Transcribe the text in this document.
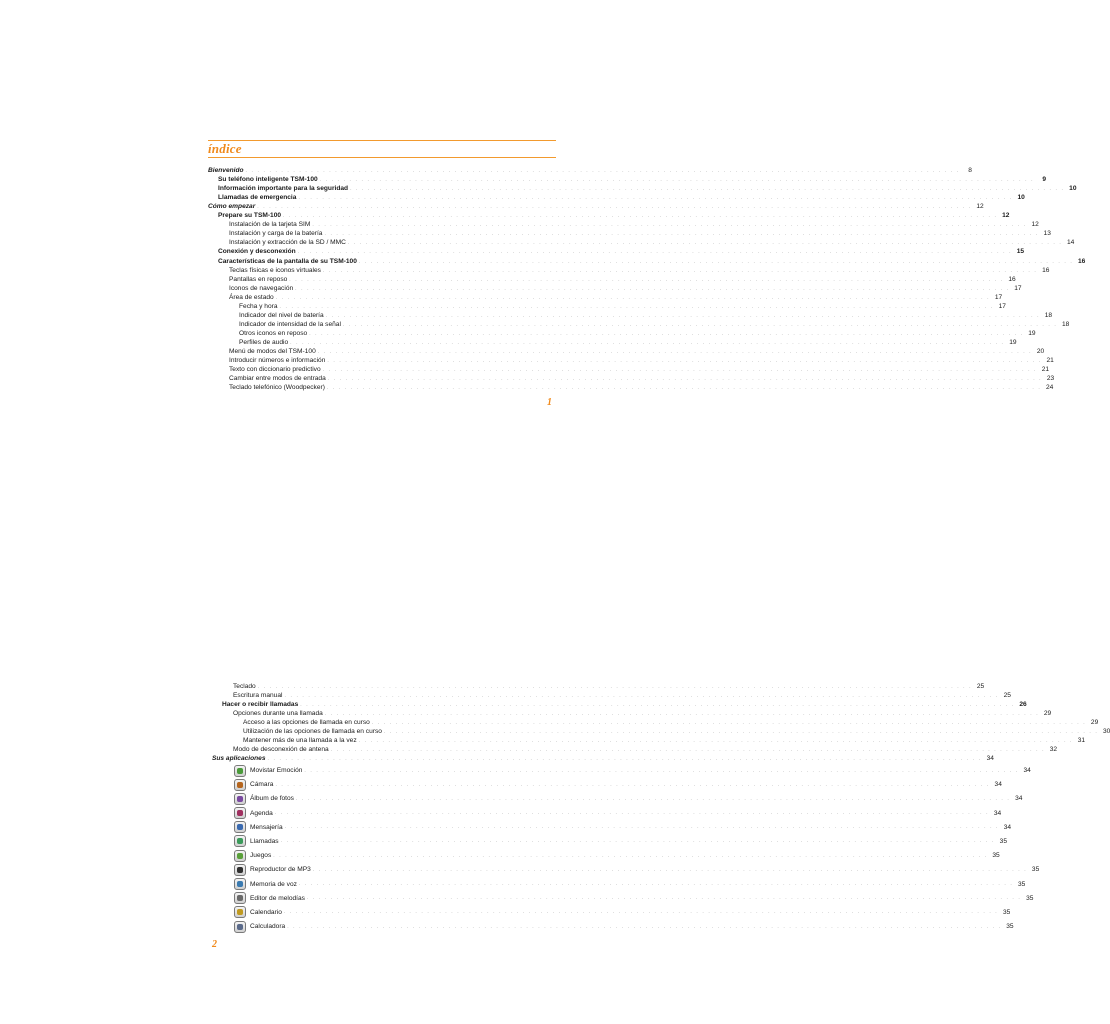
índice
Bienvenido . . . . . . . . . . . . . . . . . . . . . . . . . . . . . . . . . . . . . . . . . . . . . . . . . . . . . . . . . . . . . . . . . . . . . . . . . . . . . . . . . . . . . . . . . . . . . . . . . . . . . . . . . . . . . . . . . . . . . . . .	8
Su teléfono inteligente TSM-100 . . . . . . . . . . . . . . . . . . . . . . . . . . . . . . . . . . . . . . . . . . . . . . . . . . . . . . . . . . . . . . . . . . . . . . . . . . . . . . . . . . . . . . . . . . . . . . . . . . . . . . . . . . . . . . . . . . . . . . . .	9
Información importante para la seguridad . . . . . . . . . . . . . . . . . . . . . . . . . . . . . . . . . . . . . . . . . . . . . . . . . . . . . . . . . . . . . . . . . . . . . . . . . . . . . . . . . . . . . . . . . . . . . . . . . . . . . . . . . . . . . . . . . . . . . . . . 10
Llamadas de emergencia . . . . . . . . . . . . . . . . . . . . . . . . . . . . . . . . . . . . . . . . . . . . . . . . . . . . . . . . . . . . . . . . . . . . . . . . . . . . . . . . . . . . . . . . . . . . . . . . . . . . . . . . . . . . . . . . . . . . . . . . 10
Cómo empezar . . . . . . . . . . . . . . . . . . . . . . . . . . . . . . . . . . . . . . . . . . . . . . . . . . . . . . . . . . . . . . . . . . . . . . . . . . . . . . . . . . . . . . . . . . . . . . . . . . . . . . . . . . . . . . . . . . . . . . . . 12
Prepare su TSM-100 . . . . . . . . . . . . . . . . . . . . . . . . . . . . . . . . . . . . . . . . . . . . . . . . . . . . . . . . . . . . . . . . . . . . . . . . . . . . . . . . . . . . . . . . . . . . . . . . . . . . . . . . . . . . . . . . . . . . . . . . 12
Instalación de la tarjeta SIM . . . . . . . . . . . . . . . . . . . . . . . . . . . . . . . . . . . . . . . . . . . . . . . . . . . . . . . . . . . . . . . . . . . . . . . . . . . . . . . . . . . . . . . . . . . . . . . . . . . . . . . . . . . . . . . . . . . . . . . . 12
Instalación y carga de la batería . . . . . . . . . . . . . . . . . . . . . . . . . . . . . . . . . . . . . . . . . . . . . . . . . . . . . . . . . . . . . . . . . . . . . . . . . . . . . . . . . . . . . . . . . . . . . . . . . . . . . . . . . . . . . . . . . . . . . . . . 13
Instalación y extracción de la SD / MMC . . . . . . . . . . . . . . . . . . . . . . . . . . . . . . . . . . . . . . . . . . . . . . . . . . . . . . . . . . . . . . . . . . . . . . . . . . . . . . . . . . . . . . . . . . . . . . . . . . . . . . . . . . . . . . . . . . . . . . . . 14
Conexión y desconexión . . . . . . . . . . . . . . . . . . . . . . . . . . . . . . . . . . . . . . . . . . . . . . . . . . . . . . . . . . . . . . . . . . . . . . . . . . . . . . . . . . . . . . . . . . . . . . . . . . . . . . . . . . . . . . . . . . . . . . . . 15
Características de la pantalla de su TSM-100 . . . . . . . . . . . . . . . . . . . . . . . . . . . . . . . . . . . . . . . . . . . . . . . . . . . . . . . . . . . . . . . . . . . . . . . . . . . . . . . . . . . . . . . . . . . . . . . . . . . . . . . . . . . . . . . . . . . . . . . . 16
Teclas físicas e iconos virtuales . . . . . . . . . . . . . . . . . . . . . . . . . . . . . . . . . . . . . . . . . . . . . . . . . . . . . . . . . . . . . . . . . . . . . . . . . . . . . . . . . . . . . . . . . . . . . . . . . . . . . . . . . . . . . . . . . . . . . . . . 16
Pantallas en reposo . . . . . . . . . . . . . . . . . . . . . . . . . . . . . . . . . . . . . . . . . . . . . . . . . . . . . . . . . . . . . . . . . . . . . . . . . . . . . . . . . . . . . . . . . . . . . . . . . . . . . . . . . . . . . . . . . . . . . . . . 16
Iconos de navegación . . . . . . . . . . . . . . . . . . . . . . . . . . . . . . . . . . . . . . . . . . . . . . . . . . . . . . . . . . . . . . . . . . . . . . . . . . . . . . . . . . . . . . . . . . . . . . . . . . . . . . . . . . . . . . . . . . . . . . . . 17
Área de estado . . . . . . . . . . . . . . . . . . . . . . . . . . . . . . . . . . . . . . . . . . . . . . . . . . . . . . . . . . . . . . . . . . . . . . . . . . . . . . . . . . . . . . . . . . . . . . . . . . . . . . . . . . . . . . . . . . . . . . . . 17
Fecha y hora . . . . . . . . . . . . . . . . . . . . . . . . . . . . . . . . . . . . . . . . . . . . . . . . . . . . . . . . . . . . . . . . . . . . . . . . . . . . . . . . . . . . . . . . . . . . . . . . . . . . . . . . . . . . . . . . . . . . . . . . 17
Indicador del nivel de batería . . . . . . . . . . . . . . . . . . . . . . . . . . . . . . . . . . . . . . . . . . . . . . . . . . . . . . . . . . . . . . . . . . . . . . . . . . . . . . . . . . . . . . . . . . . . . . . . . . . . . . . . . . . . . . . . . . . . . . . . 18
Indicador de intensidad de la señal . . . . . . . . . . . . . . . . . . . . . . . . . . . . . . . . . . . . . . . . . . . . . . . . . . . . . . . . . . . . . . . . . . . . . . . . . . . . . . . . . . . . . . . . . . . . . . . . . . . . . . . . . . . . . . . . . . . . . . . . 18
Otros iconos en reposo . . . . . . . . . . . . . . . . . . . . . . . . . . . . . . . . . . . . . . . . . . . . . . . . . . . . . . . . . . . . . . . . . . . . . . . . . . . . . . . . . . . . . . . . . . . . . . . . . . . . . . . . . . . . . . . . . . . . . . . . 19
Perfiles de audio . . . . . . . . . . . . . . . . . . . . . . . . . . . . . . . . . . . . . . . . . . . . . . . . . . . . . . . . . . . . . . . . . . . . . . . . . . . . . . . . . . . . . . . . . . . . . . . . . . . . . . . . . . . . . . . . . . . . . . . . 19
Menú de modos del TSM-100 . . . . . . . . . . . . . . . . . . . . . . . . . . . . . . . . . . . . . . . . . . . . . . . . . . . . . . . . . . . . . . . . . . . . . . . . . . . . . . . . . . . . . . . . . . . . . . . . . . . . . . . . . . . . . . . . . . . . . . . . 20
Introducir números e información . . . . . . . . . . . . . . . . . . . . . . . . . . . . . . . . . . . . . . . . . . . . . . . . . . . . . . . . . . . . . . . . . . . . . . . . . . . . . . . . . . . . . . . . . . . . . . . . . . . . . . . . . . . . . . . . . . . . . . . . 21
Texto con diccionario predictivo . . . . . . . . . . . . . . . . . . . . . . . . . . . . . . . . . . . . . . . . . . . . . . . . . . . . . . . . . . . . . . . . . . . . . . . . . . . . . . . . . . . . . . . . . . . . . . . . . . . . . . . . . . . . . . . . . . . . . . . . 21
Cambiar entre modos de entrada . . . . . . . . . . . . . . . . . . . . . . . . . . . . . . . . . . . . . . . . . . . . . . . . . . . . . . . . . . . . . . . . . . . . . . . . . . . . . . . . . . . . . . . . . . . . . . . . . . . . . . . . . . . . . . . . . . . . . . . . 23
Teclado telefónico (Woodpecker) . . . . . . . . . . . . . . . . . . . . . . . . . . . . . . . . . . . . . . . . . . . . . . . . . . . . . . . . . . . . . . . . . . . . . . . . . . . . . . . . . . . . . . . . . . . . . . . . . . . . . . . . . . . . . . . . . . . . . . . . 24
1
Teclado . . . . . . . . . . . . . . . . . . . . . . . . . . . . . . . . . . . . . . . . . . . . . . . . . . . . . . . . . . . . . . . . . . . . . . . . . . . . . . . . . . . . . . . . . . . . . . . . . . . . . . . . . . . . . . . . . . . . . . . . 25
Escritura manual . . . . . . . . . . . . . . . . . . . . . . . . . . . . . . . . . . . . . . . . . . . . . . . . . . . . . . . . . . . . . . . . . . . . . . . . . . . . . . . . . . . . . . . . . . . . . . . . . . . . . . . . . . . . . . . . . . . . . . . . 25
Hacer o recibir llamadas . . . . . . . . . . . . . . . . . . . . . . . . . . . . . . . . . . . . . . . . . . . . . . . . . . . . . . . . . . . . . . . . . . . . . . . . . . . . . . . . . . . . . . . . . . . . . . . . . . . . . . . . . . . . . . . . . . . . . . . . 26
Opciones durante una llamada . . . . . . . . . . . . . . . . . . . . . . . . . . . . . . . . . . . . . . . . . . . . . . . . . . . . . . . . . . . . . . . . . . . . . . . . . . . . . . . . . . . . . . . . . . . . . . . . . . . . . . . . . . . . . . . . . . . . . . . . 29
Acceso a las opciones de llamada en curso . . . . . . . . . . . . . . . . . . . . . . . . . . . . . . . . . . . . . . . . . . . . . . . . . . . . . . . . . . . . . . . . . . . . . . . . . . . . . . . . . . . . . . . . . . . . . . . . . . . . . . . . . . . . . . . . . . . . . . . . 29
Utilización de las opciones de llamada en curso . . . . . . . . . . . . . . . . . . . . . . . . . . . . . . . . . . . . . . . . . . . . . . . . . . . . . . . . . . . . . . . . . . . . . . . . . . . . . . . . . . . . . . . . . . . . . . . . . . . . . . . . . . . . . . . . . . . . . . . . 30
Mantener más de una llamada a la vez . . . . . . . . . . . . . . . . . . . . . . . . . . . . . . . . . . . . . . . . . . . . . . . . . . . . . . . . . . . . . . . . . . . . . . . . . . . . . . . . . . . . . . . . . . . . . . . . . . . . . . . . . . . . . . . . . . . . . . . . 31
Modo de desconexión de antena . . . . . . . . . . . . . . . . . . . . . . . . . . . . . . . . . . . . . . . . . . . . . . . . . . . . . . . . . . . . . . . . . . . . . . . . . . . . . . . . . . . . . . . . . . . . . . . . . . . . . . . . . . . . . . . . . . . . . . . . 32
Sus aplicaciones . . . . . . . . . . . . . . . . . . . . . . . . . . . . . . . . . . . . . . . . . . . . . . . . . . . . . . . . . . . . . . . . . . . . . . . . . . . . . . . . . . . . . . . . . . . . . . . . . . . . . . . . . . . . . . . . . . . . . . . . 34
Movistar Emoción . . . . . . . . . . . . . . . . . . . . . . . . . . . . . . . . . . . . . . . . . . . . . . . . . . . . . . . . . . . . . . . . . . . . . . . . . . . . . . . . . . . . . . . . . . . . . . . . . . . . . . . . . . . . . . . . . . . . . . . . 34
Cámara . . . . . . . . . . . . . . . . . . . . . . . . . . . . . . . . . . . . . . . . . . . . . . . . . . . . . . . . . . . . . . . . . . . . . . . . . . . . . . . . . . . . . . . . . . . . . . . . . . . . . . . . . . . . . . . . . . . . . . . . 34
Álbum de fotos . . . . . . . . . . . . . . . . . . . . . . . . . . . . . . . . . . . . . . . . . . . . . . . . . . . . . . . . . . . . . . . . . . . . . . . . . . . . . . . . . . . . . . . . . . . . . . . . . . . . . . . . . . . . . . . . . . . . . . . . 34
Agenda . . . . . . . . . . . . . . . . . . . . . . . . . . . . . . . . . . . . . . . . . . . . . . . . . . . . . . . . . . . . . . . . . . . . . . . . . . . . . . . . . . . . . . . . . . . . . . . . . . . . . . . . . . . . . . . . . . . . . . . . 34
Mensajería . . . . . . . . . . . . . . . . . . . . . . . . . . . . . . . . . . . . . . . . . . . . . . . . . . . . . . . . . . . . . . . . . . . . . . . . . . . . . . . . . . . . . . . . . . . . . . . . . . . . . . . . . . . . . . . . . . . . . . . . 34
Llamadas . . . . . . . . . . . . . . . . . . . . . . . . . . . . . . . . . . . . . . . . . . . . . . . . . . . . . . . . . . . . . . . . . . . . . . . . . . . . . . . . . . . . . . . . . . . . . . . . . . . . . . . . . . . . . . . . . . . . . . . . 35
Juegos . . . . . . . . . . . . . . . . . . . . . . . . . . . . . . . . . . . . . . . . . . . . . . . . . . . . . . . . . . . . . . . . . . . . . . . . . . . . . . . . . . . . . . . . . . . . . . . . . . . . . . . . . . . . . . . . . . . . . . . . 35
Reproductor de MP3 . . . . . . . . . . . . . . . . . . . . . . . . . . . . . . . . . . . . . . . . . . . . . . . . . . . . . . . . . . . . . . . . . . . . . . . . . . . . . . . . . . . . . . . . . . . . . . . . . . . . . . . . . . . . . . . . . . . . . . . . 35
Memoria de voz . . . . . . . . . . . . . . . . . . . . . . . . . . . . . . . . . . . . . . . . . . . . . . . . . . . . . . . . . . . . . . . . . . . . . . . . . . . . . . . . . . . . . . . . . . . . . . . . . . . . . . . . . . . . . . . . . . . . . . . . 35
Editor de melodías . . . . . . . . . . . . . . . . . . . . . . . . . . . . . . . . . . . . . . . . . . . . . . . . . . . . . . . . . . . . . . . . . . . . . . . . . . . . . . . . . . . . . . . . . . . . . . . . . . . . . . . . . . . . . . . . . . . . . . . . 35
Calendario . . . . . . . . . . . . . . . . . . . . . . . . . . . . . . . . . . . . . . . . . . . . . . . . . . . . . . . . . . . . . . . . . . . . . . . . . . . . . . . . . . . . . . . . . . . . . . . . . . . . . . . . . . . . . . . . . . . . . . . . 35
Calculadora . . . . . . . . . . . . . . . . . . . . . . . . . . . . . . . . . . . . . . . . . . . . . . . . . . . . . . . . . . . . . . . . . . . . . . . . . . . . . . . . . . . . . . . . . . . . . . . . . . . . . . . . . . . . . . . . . . . . . . . . 35
2
